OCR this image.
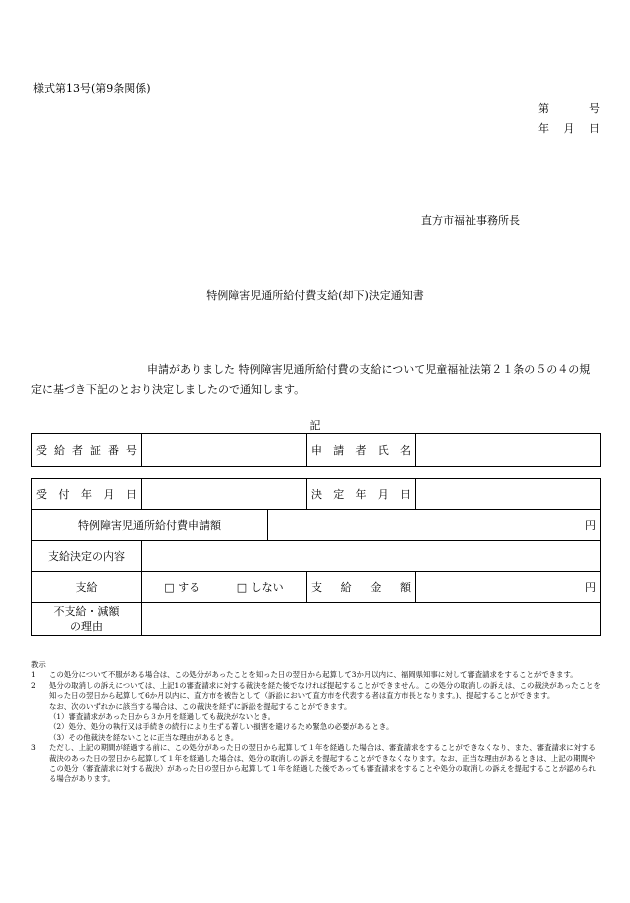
様式第13号(第9条関係)
第	号
年 月 日
直方市福祉事務所長
特例障害児通所給付費支給(却下)決定通知書
申請がありました 特例障害児通所給付費の支給について児童福祉法第２１条の５の４の規定に基づき下記のとおり決定しましたので通知します。
記
受給者証番号		申請者氏名	
受付年月日			決定年月日	
特例障害児通所給付費申請額		円		
支給決定の内容				
支給	□ する □ しない		支給金額	円

不支給・減額
の理由				

教示
1	この処分について不服がある場合は、この処分があったことを知った日の翌日から起算して3か月以内に、福岡県知事に対して審査請求をすることができます。
2	処分の取消しの訴えについては、上記1の審査請求に対する裁決を経た後でなければ提起することができません。この処分の取消しの訴えは、この裁決があったことを知った日の翌日から起算して6か月以内に、直方市を被告として（訴訟において直方市を代表する者は直方市長となります。)、提起することができます。
なお、次のいずれかに該当する場合は、この裁決を経ずに訴訟を提起することができます。
（1）審査請求があった日から３か月を経過しても裁決がないとき。
（2）処分、処分の執行又は手続きの続行により生ずる著しい損害を避けるため緊急の必要があるとき。
（3）その他裁決を経ないことに正当な理由があるとき。
3	ただし、上記の期間が経過する前に、この処分があった日の翌日から起算して１年を経過した場合は、審査請求をすることができなくなり、また、審査請求に対する裁決のあった日の翌日から起算して１年を経過した場合は、処分の取消しの訴えを提起することができなくなります。なお、正当な理由があるときは、上記の期間やこの処分（審査請求に対する裁決）があった日の翌日から起算して１年を経過した後であっても審査請求をすることや処分の取消しの訴えを提起することが認められる場合があります。
